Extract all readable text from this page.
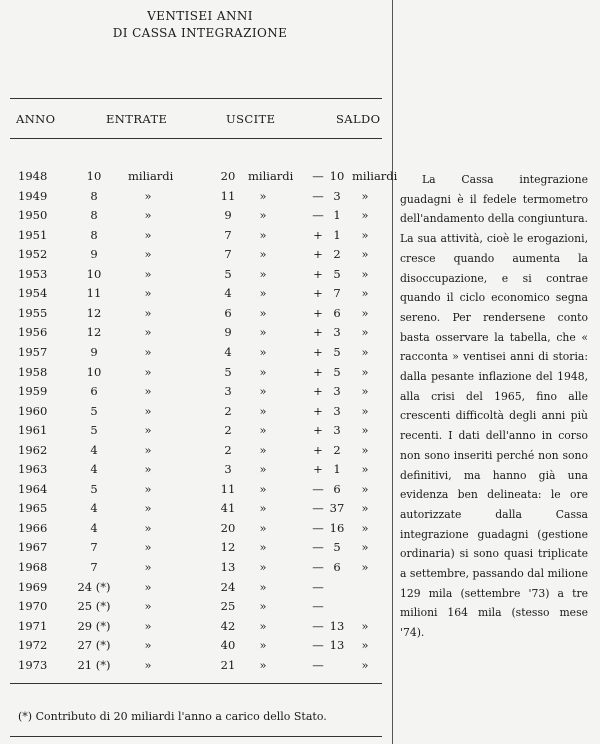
VENTISEI ANNI
DI CASSA INTEGRAZIONE
ANNO	ENTRATE	USCITE	SALDO
1948	10	miliardi	20	miliardi — 10 miliardi
1949	8	»	11	»	— 3	»
1950	8	»	9	»	— 1	»
1951	8	»	7	»	+ 1	»
1952	9	»	7	»	+ 2	»
1953	10	»	5	»	+ 5	»
1954	11	»	4	»	+ 7	»
1955	12	»	6	»	+ 6	»
1956	12	»	9	»	+ 3	»
1957	9	»	4	»	+ 5	»
1958	10	»	5	»	+ 5	»
1959	6	»	3	»	+ 3	»
1960	5	»	2	»	+ 3	»
1961	5	»	2	»	+ 3	»
1962	4	»	2	»	+ 2	»
1963	4	»	3	»	+ 1	»
1964	5	»	11	»	— 6	»
1965	4	»	41	»	— 37	»
1966	4	»	20	»	— 16	»
1967	7	»	12	»	— 5	»
1968	7	»	13	»	— 6	»
1969	24 (*)	»	24	»	—
1970	25 (*)	»	25	»	—
1971	29 (*)	»	42	»	— 13	»
1972	27 (*)	»	40	»	— 13	»
1973	21 (*)	»	21	»	—	»
(*) Contributo di 20 miliardi l'anno a carico dello Stato.
La Cassa integrazione guadagni è il fedele termometro dell'andamento della congiuntura. La sua attività, cioè le erogazioni, cresce quando aumenta la disoccupazione, e si contrae quando il ciclo economico segna sereno. Per rendersene conto basta osservare la tabella, che « racconta » ventisei anni di storia: dalla pesante inflazione del 1948, alla crisi del 1965, fino alle crescenti difficoltà degli anni più recenti. I dati dell'anno in corso non sono inseriti perché non sono definitivi, ma hanno già una evidenza ben delineata: le ore autorizzate dalla Cassa integrazione guadagni (gestione ordinaria) si sono quasi triplicate a settembre, passando dal milione 129 mila (settembre '73) a tre milioni 164 mila (stesso mese '74).
